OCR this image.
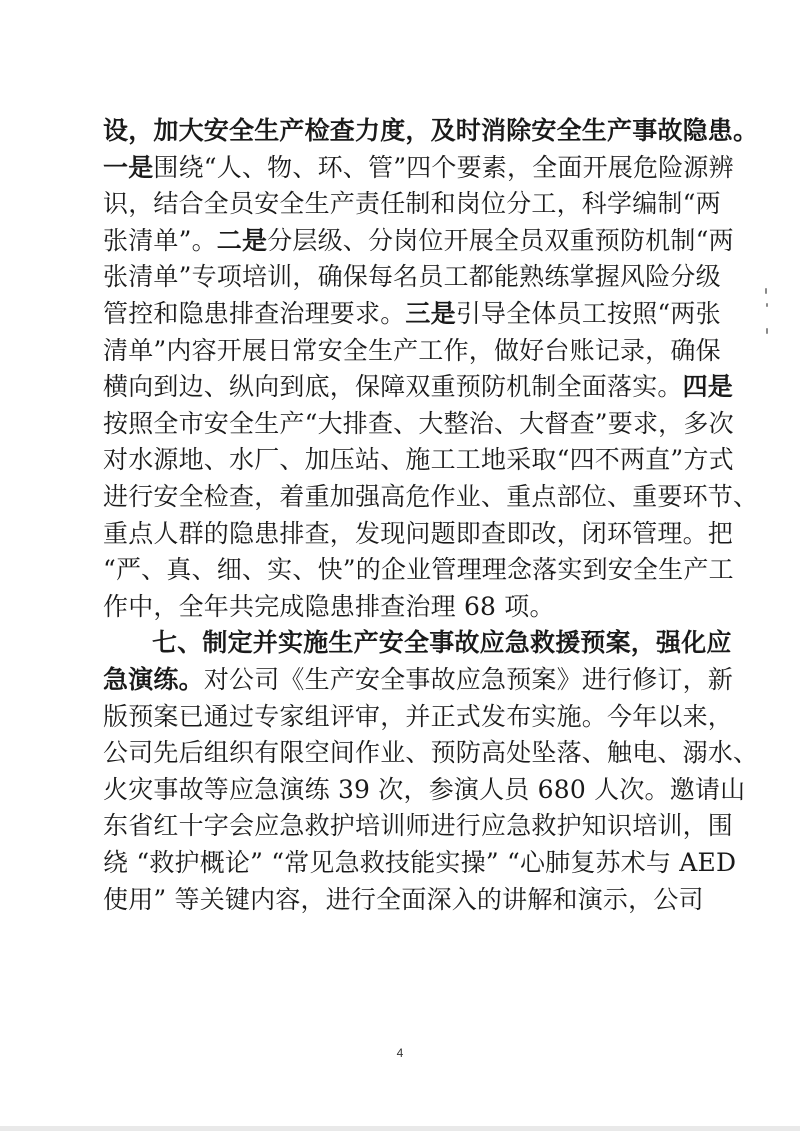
设，加大安全生产检查力度，及时消除安全生产事故隐患。
一是围绕“人、物、环、管”四个要素，全面开展危险源辨
识，结合全员安全生产责任制和岗位分工，科学编制“两
张清单”。二是分层级、分岗位开展全员双重预防机制“两
张清单”专项培训，确保每名员工都能熟练掌握风险分级
管控和隐患排查治理要求。三是引导全体员工按照“两张
清单”内容开展日常安全生产工作，做好台账记录，确保
横向到边、纵向到底，保障双重预防机制全面落实。四是
按照全市安全生产“大排查、大整治、大督查”要求，多次
对水源地、水厂、加压站、施工工地采取“四不两直”方式
进行安全检查，着重加强高危作业、重点部位、重要环节、
重点人群的隐患排查，发现问题即查即改，闭环管理。把
“严、真、细、实、快”的企业管理理念落实到安全生产工
作中，全年共完成隐患排查治理 68 项。
七、制定并实施生产安全事故应急救援预案，强化应
急演练。对公司《生产安全事故应急预案》进行修订，新
版预案已通过专家组评审，并正式发布实施。今年以来，
公司先后组织有限空间作业、预防高处坠落、触电、溺水、
火灾事故等应急演练 39 次，参演人员 680 人次。邀请山
东省红十字会应急救护培训师进行应急救护知识培训，围
绕 “救护概论” “常见急救技能实操” “心肺复苏术与 AED
使用” 等关键内容，进行全面深入的讲解和演示，公司
4
